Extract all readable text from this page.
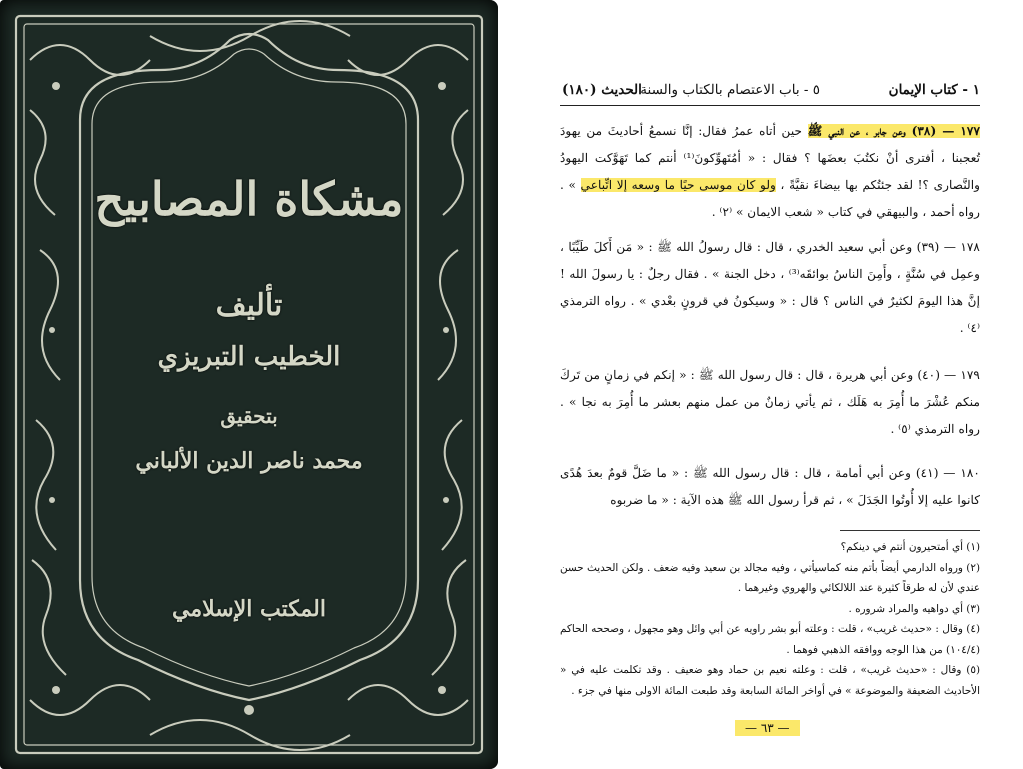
مشكاة المصابيح
تأليف
الخطيب التبريزي
بتحقيق
محمد ناصر الدين الألباني
المكتب الإسلامي
١ - كتاب الإيمان
٥ - باب الاعتصام بالكتاب والسنة
الحديث (١٨٠)
١٧٧ — (٣٨) وعن جابر ، عن النبي ﷺ حين أتاه عمرُ فقال: إنَّا نسمعُ أحاديثَ من يهودَ تُعجبنا ، أفترى أنْ نكتُبَ بعضَها ؟ فقال : « أمُتَهوِّكونَ⁽¹⁾ أنتم كما تَهَوَّكت اليهودُ والنَّصارى ؟! لقد جئتُكم بها بيضاءَ نقيَّةً ، ولو كان موسى حيًا ما وسعه إلا اتِّباعي » . رواه أحمد ، والبيهقي في كتاب « شعب الايمان » ⁽٢⁾ .
١٧٨ — (٣٩) وعن أبي سعيد الخدري ، قال : قال رسولُ الله ﷺ : « مَن أَكلَ طَيِّبًا ، وعمِل في سُنَّةٍ ، وأَمِنَ الناسُ بوائقَه⁽³⁾ ، دخل الجنة » . فقال رجلٌ : يا رسولَ الله ! إنَّ هذا اليومَ لكثيرٌ في الناس ؟ قال : « وسيكونُ في قرونٍ بعْدي » . رواه الترمذي ⁽٤⁾ .
١٧٩ — (٤٠) وعن أبي هريرة ، قال : قال رسول الله ﷺ : « إنكم في زمانٍ من تَركَ منكم عُشْرَ ما أُمِرَ به هَلَك ، ثم يأتي زمانٌ من عمل منهم بعشر ما أُمِرَ به نجا » . رواه الترمذي ⁽٥⁾ .
١٨٠ — (٤١) وعن أبي أمامة ، قال : قال رسول الله ﷺ : « ما ضَلَّ قومٌ بعدَ هُدًى كانوا عليه إلا أُوتُوا الجَدَلَ » ، ثم قرأ رسول الله ﷺ هذه الآية : « ما ضربوه
(١) أي أمتحيرون أنتم في دينكم؟
(٢) ورواه الدارمي أيضاً بأتم منه كماسيأتي ، وفيه مجالد بن سعيد وفيه ضعف . ولكن الحديث حسن عندي لأن له طرقاً كثيرة عند اللالكائي والهروي وغيرهما .
(٣) أي دواهيه والمراد شروره .
(٤) وقال : «حديث غريب» ، قلت : وعلته أبو بشر راويه عن أبي وائل وهو مجهول ، وصححه الحاكم (١٠٤/٤) من هذا الوجه ووافقه الذهبي فوهما .
(٥) وقال : «حديث غريب» ، قلت : وعلته نعيم بن حماد وهو ضعيف . وقد تكلمت عليه في « الأحاديث الضعيفة والموضوعة » في أواخر المائة السابعة وقد طبعت المائة الاولى منها في جزء .
— ٦٣ —
